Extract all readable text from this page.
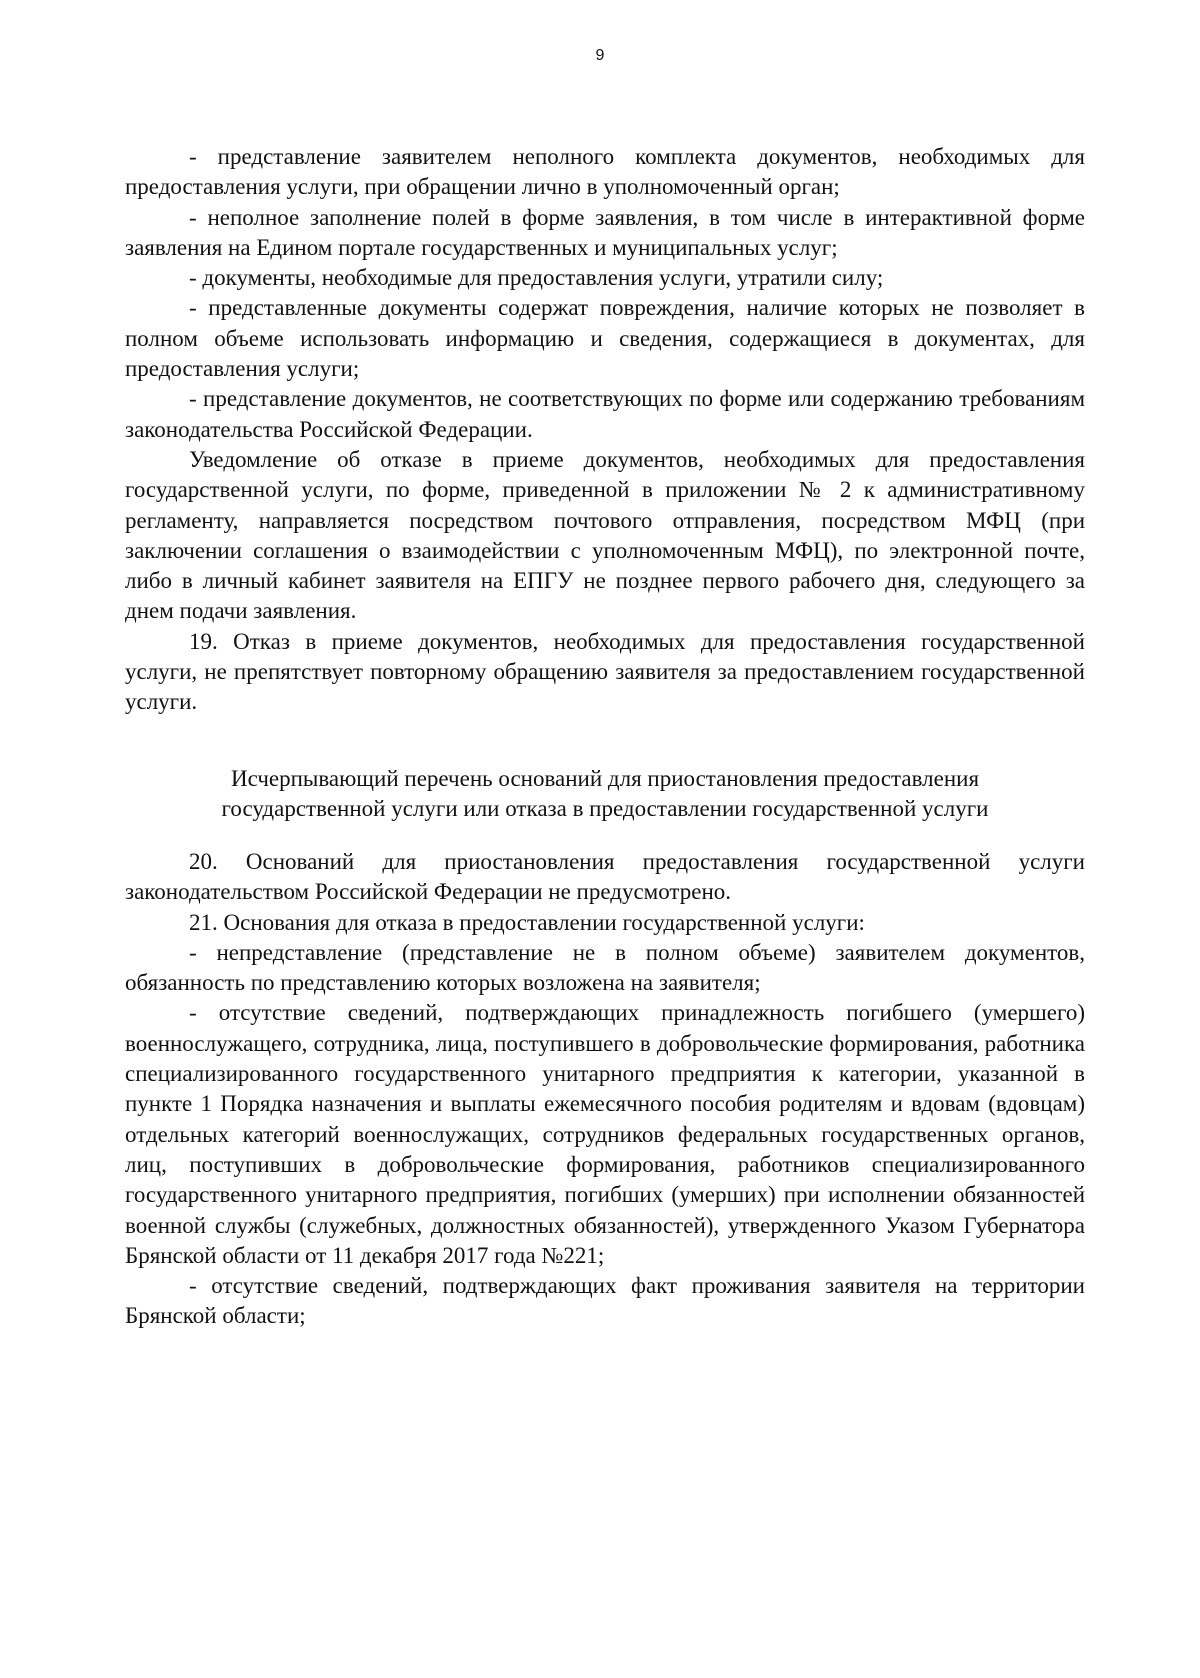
9

- представление заявителем неполного комплекта документов, необходимых для предоставления услуги, при обращении лично в уполномоченный орган;

- неполное заполнение полей в форме заявления, в том числе в интерактивной форме заявления на Едином портале государственных и муниципальных услуг;

- документы, необходимые для предоставления услуги, утратили силу;

- представленные документы содержат повреждения, наличие которых не позволяет в полном объеме использовать информацию и сведения, содержащиеся в документах, для предоставления услуги;

- представление документов, не соответствующих по форме или содержанию требованиям законодательства Российской Федерации.

Уведомление об отказе в приеме документов, необходимых для предоставления государственной услуги, по форме, приведенной в приложении № 2 к административному регламенту, направляется посредством почтового отправления, посредством МФЦ (при заключении соглашения о взаимодействии с уполномоченным МФЦ), по электронной почте, либо в личный кабинет заявителя на ЕПГУ не позднее первого рабочего дня, следующего за днем подачи заявления.

19. Отказ в приеме документов, необходимых для предоставления государственной услуги, не препятствует повторному обращению заявителя за предоставлением государственной услуги.

Исчерпывающий перечень оснований для приостановления предоставления
государственной услуги или отказа в предоставлении государственной услуги

20. Оснований для приостановления предоставления государственной услуги законодательством Российской Федерации не предусмотрено.

21. Основания для отказа в предоставлении государственной услуги:

- непредставление (представление не в полном объеме) заявителем документов, обязанность по представлению которых возложена на заявителя;

- отсутствие сведений, подтверждающих принадлежность погибшего (умершего) военнослужащего, сотрудника, лица, поступившего в добровольческие формирования, работника специализированного государственного унитарного предприятия к категории, указанной в пункте 1 Порядка назначения и выплаты ежемесячного пособия родителям и вдовам (вдовцам) отдельных категорий военнослужащих, сотрудников федеральных государственных органов, лиц, поступивших в добровольческие формирования, работников специализированного государственного унитарного предприятия, погибших (умерших) при исполнении обязанностей военной службы (служебных, должностных обязанностей), утвержденного Указом Губернатора Брянской области от 11 декабря 2017 года №221;

- отсутствие сведений, подтверждающих факт проживания заявителя на территории Брянской области;
